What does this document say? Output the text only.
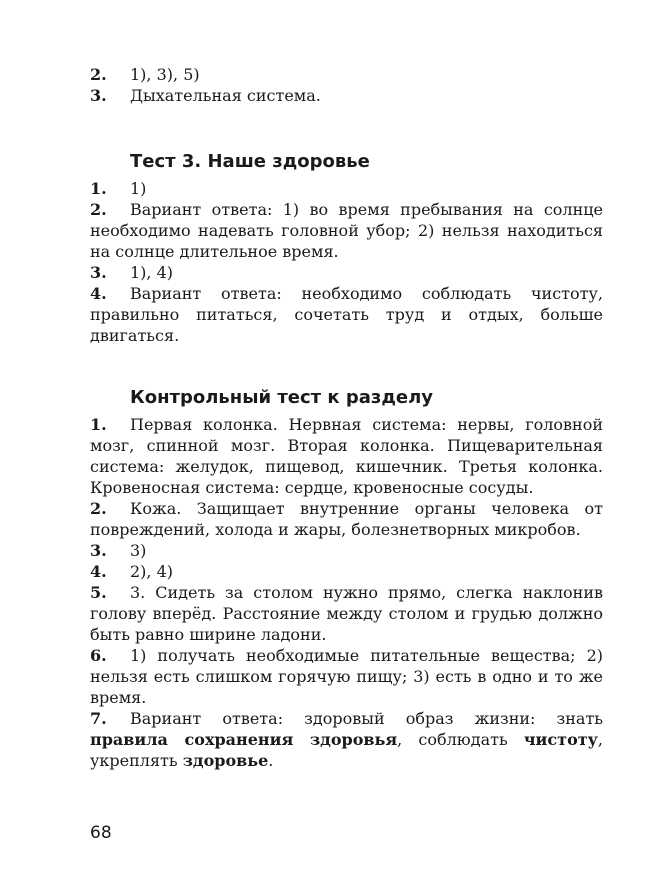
2. 1), 3), 5)
3. Дыхательная система.
Тест 3. Наше здоровье
1. 1)
2. Вариант ответа: 1) во время пребывания на солнце необходимо надевать головной убор; 2) нельзя находиться на солнце длительное время.
3. 1), 4)
4. Вариант ответа: необходимо соблюдать чистоту, правильно питаться, сочетать труд и отдых, больше двигаться.
Контрольный тест к разделу
1. Первая колонка. Нервная система: нервы, головной мозг, спинной мозг. Вторая колонка. Пищеварительная система: желудок, пищевод, кишечник. Третья колонка. Кровеносная система: сердце, кровеносные сосуды.
2. Кожа. Защищает внутренние органы человека от повреждений, холода и жары, болезнетворных микробов.
3. 3)
4. 2), 4)
5. 3. Сидеть за столом нужно прямо, слегка наклонив голову вперёд. Расстояние между столом и грудью должно быть равно ширине ладони.
6. 1) получать необходимые питательные вещества; 2) нельзя есть слишком горячую пищу; 3) есть в одно и то же время.
7. Вариант ответа: здоровый образ жизни: знать правила сохранения здоровья, соблюдать чистоту, укреплять здоровье.
68
